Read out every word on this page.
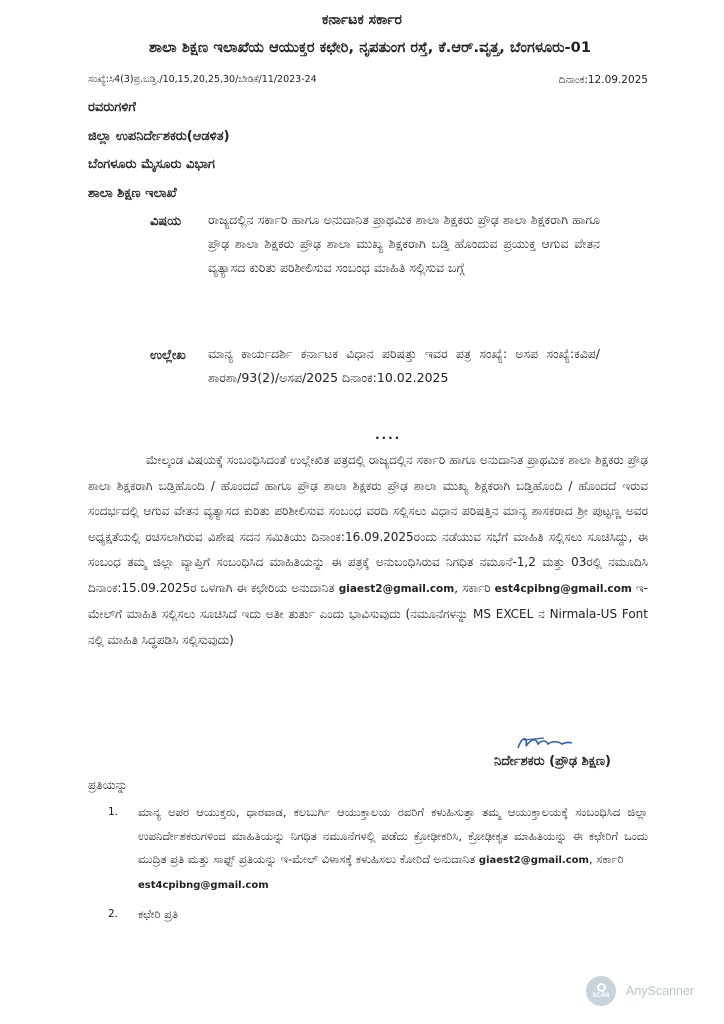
ಕರ್ನಾಟಕ ಸರ್ಕಾರ
ಶಾಲಾ ಶಿಕ್ಷಣ ಇಲಾಖೆಯ ಆಯುಕ್ತರ ಕಛೇರಿ, ನೃಪತುಂಗ ರಸ್ತೆ, ಕೆ.ಆರ್.ವೃತ್ತ, ಬೆಂಗಳೂರು-01
ಸಂಖ್ಯೆ:ಸಿ4(3)ಪ್ರ.ಬಡ್ತಿ./10,15,20,25,30/ಬೇಡಿಕೆ/11/2023-24	ದಿನಾಂಕ:12.09.2025
ರವರುಗಳಿಗೆ
ಜಿಲ್ಲಾ ಉಪನಿರ್ದೇಶಕರು(ಆಡಳಿತ)
ಬೆಂಗಳೂರು ಮೈಸೂರು ವಿಭಾಗ
ಶಾಲಾ ಶಿಕ್ಷಣ ಇಲಾಖೆ
ವಿಷಯ ರಾಜ್ಯದಲ್ಲಿನ ಸರ್ಕಾರಿ ಹಾಗೂ ಅನುದಾನಿತ ಪ್ರಾಥಮಿಕ ಶಾಲಾ ಶಿಕ್ಷಕರು ಪ್ರೌಢ ಶಾಲಾ ಶಿಕ್ಷಕರಾಗಿ ಹಾಗೂ ಪ್ರೌಢ ಶಾಲಾ ಶಿಕ್ಷಕರು ಪ್ರೌಢ ಶಾಲಾ ಮುಖ್ಯ ಶಿಕ್ಷಕರಾಗಿ ಬಡ್ತಿ ಹೊಂದುವ ಪ್ರಯುಕ್ತ ಆಗುವ ವೇತನ ವ್ಯತ್ಯಾಸದ ಕುರಿತು ಪರಿಶೀಲಿಸುವ ಸಂಬಂಧ ಮಾಹಿತಿ ಸಲ್ಲಿಸುವ ಬಗ್ಗೆ
ಉಲ್ಲೇಖ ಮಾನ್ಯ ಕಾರ್ಯದರ್ಶಿ ಕರ್ನಾಟಕ ವಿಧಾನ ಪರಿಷತ್ತು ಇವರ ಪತ್ರ ಸಂಖ್ಯೆ: ಅಸಪ ಸಂಖ್ಯೆ:ಕವಿಪ/ಶಾರಶಾ/93(2)/ಅಸಪ/2025 ದಿನಾಂಕ:10.02.2025
....
ಮೇಲ್ಕಂಡ ವಿಷಯಕ್ಕೆ ಸಂಬಂಧಿಸಿದಂತೆ ಉಲ್ಲೇಖಿತ ಪತ್ರದಲ್ಲಿ ರಾಜ್ಯದಲ್ಲಿನ ಸರ್ಕಾರಿ ಹಾಗೂ ಅನುದಾನಿತ ಪ್ರಾಥಮಿಕ ಶಾಲಾ ಶಿಕ್ಷಕರು ಪ್ರೌಢ ಶಾಲಾ ಶಿಕ್ಷಕರಾಗಿ ಬಡ್ತಿಹೊಂದಿ / ಹೊಂದದೆ ಹಾಗೂ ಪ್ರೌಢ ಶಾಲಾ ಶಿಕ್ಷಕರು ಪ್ರೌಢ ಶಾಲಾ ಮುಖ್ಯ ಶಿಕ್ಷಕರಾಗಿ ಬಡ್ತಿಹೊಂದಿ / ಹೊಂದದೆ ಇರುವ ಸಂದರ್ಭದಲ್ಲಿ ಆಗುವ ವೇತನ ವ್ಯತ್ಯಾಸದ ಕುರಿತು ಪರಿಶೀಲಿಸುವ ಸಂಬಂಧ ವರದಿ ಸಲ್ಲಿಸಲು ವಿಧಾನ ಪರಿಷತ್ತಿನ ಮಾನ್ಯ ಶಾಸಕರಾದ ಶ್ರೀ ಪುಟ್ಟಣ್ಣ ಅವರ ಅಧ್ಯಕ್ಷತೆಯಲ್ಲಿ ರಚಿಸಲಾಗಿರುವ ವಿಶೇಷ ಸದನ ಸಮಿತಿಯು ದಿನಾಂಕ:16.09.2025ರಂದು ನಡೆಯುವ ಸಭೆಗೆ ಮಾಹಿತಿ ಸಲ್ಲಿಸಲು ಸೂಚಿಸಿದ್ದು, ಈ ಸಂಬಂಧ ತಮ್ಮ ಜಿಲ್ಲಾ ವ್ಯಾಪ್ತಿಗೆ ಸಂಬಂಧಿಸಿದ ಮಾಹಿತಿಯನ್ನು ಈ ಪತ್ರಕ್ಕೆ ಅನುಬಂಧಿಸಿರುವ ನಿಗಧಿತ ನಮೂನೆ-1,2 ಮತ್ತು 03ರಲ್ಲಿ ನಮೂದಿಸಿ ದಿನಾಂಕ:15.09.2025ರ ಒಳಗಾಗಿ ಈ ಕಛೇರಿಯ ಅನುದಾನಿತ giaest2@gmail.com, ಸರ್ಕಾರಿ est4cpibng@gmail.com ಇ-ಮೇಲ್‌ಗೆ ಮಾಹಿತಿ ಸಲ್ಲಿಸಲು ಸೂಚಿಸಿದೆ ಇದು ಅತೀ ತುರ್ತು ಎಂದು ಭಾವಿಸುವುದು (ನಮೂನೆಗಳನ್ನು MS EXCEL ನ Nirmala-US Font ನಲ್ಲಿ ಮಾಹಿತಿ ಸಿದ್ಧಪಡಿಸಿ ಸಲ್ಲಿಸುವುದು)
ನಿರ್ದೇಶಕರು (ಪ್ರೌಢ ಶಿಕ್ಷಣ)
ಪ್ರತಿಯನ್ನು
1. ಮಾನ್ಯ ಅಪರ ಆಯುಕ್ತರು, ಧಾರವಾಡ, ಕಲಬುರ್ಗಿ ಆಯುಕ್ತಾಲಯ ರವರಿಗೆ ಕಳುಹಿಸುತ್ತಾ ತಮ್ಮ ಆಯುಕ್ತಾಲಯಕ್ಕೆ ಸಂಬಂಧಿಸಿದ ಜಿಲ್ಲಾ ಉಪನಿರ್ದೇಶಕರುಗಳಿಂದ ಮಾಹಿತಿಯನ್ನು ನಿಗಧಿತ ನಮೂನೆಗಳಲ್ಲಿ ಪಡೆದು ಕ್ರೋಢೀಕರಿಸಿ, ಕ್ರೋಢೀಕೃತ ಮಾಹಿತಿಯನ್ನು ಈ ಕಛೇರಿಗೆ ಒಂದು ಮುದ್ರಿತ ಪ್ರತಿ ಮತ್ತು ಸಾಫ್ಟ್ ಪ್ರತಿಯನ್ನು ಇ-ಮೇಲ್ ವಿಳಾಸಕ್ಕೆ ಕಳುಹಿಸಲು ಕೋರಿದೆ ಅನುದಾನಿತ giaest2@gmail.com, ಸರ್ಕಾರಿ
est4cpibng@gmail.com
2. ಕಛೇರಿ ಪ್ರತಿ
SCAN AnyScanner
